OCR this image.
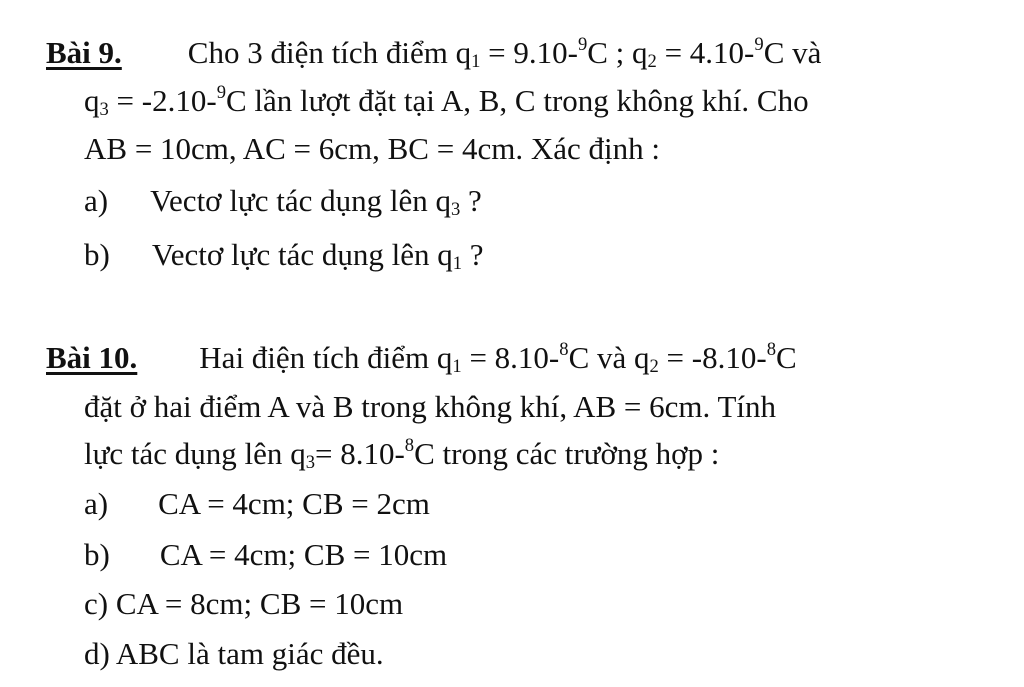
Bài 9. Cho 3 điện tích điểm $q_1 = 9.10-^9C$ ; $q_2 = 4.10-^9C$ và
$q_3 = -2.10-^9C$ lần lượt đặt tại A, B, C trong không khí. Cho
AB = 10cm, AC = 6cm, BC = 4cm. Xác định :
a) Vectơ lực tác dụng lên $q_3$ ?
b) Vectơ lực tác dụng lên $q_1$ ?
Bài 10. Hai điện tích điểm $q_1 = 8.10-^8C$ và $q_2 = -8.10-^8C$
đặt ở hai điểm A và B trong không khí, AB = 6cm. Tính
lực tác dụng lên $q_3= 8.10-^8C$ trong các trường hợp :
a) CA = 4cm; CB = 2cm
b) CA = 4cm; CB = 10cm
c) CA = 8cm; CB = 10cm
d) ABC là tam giác đều.
